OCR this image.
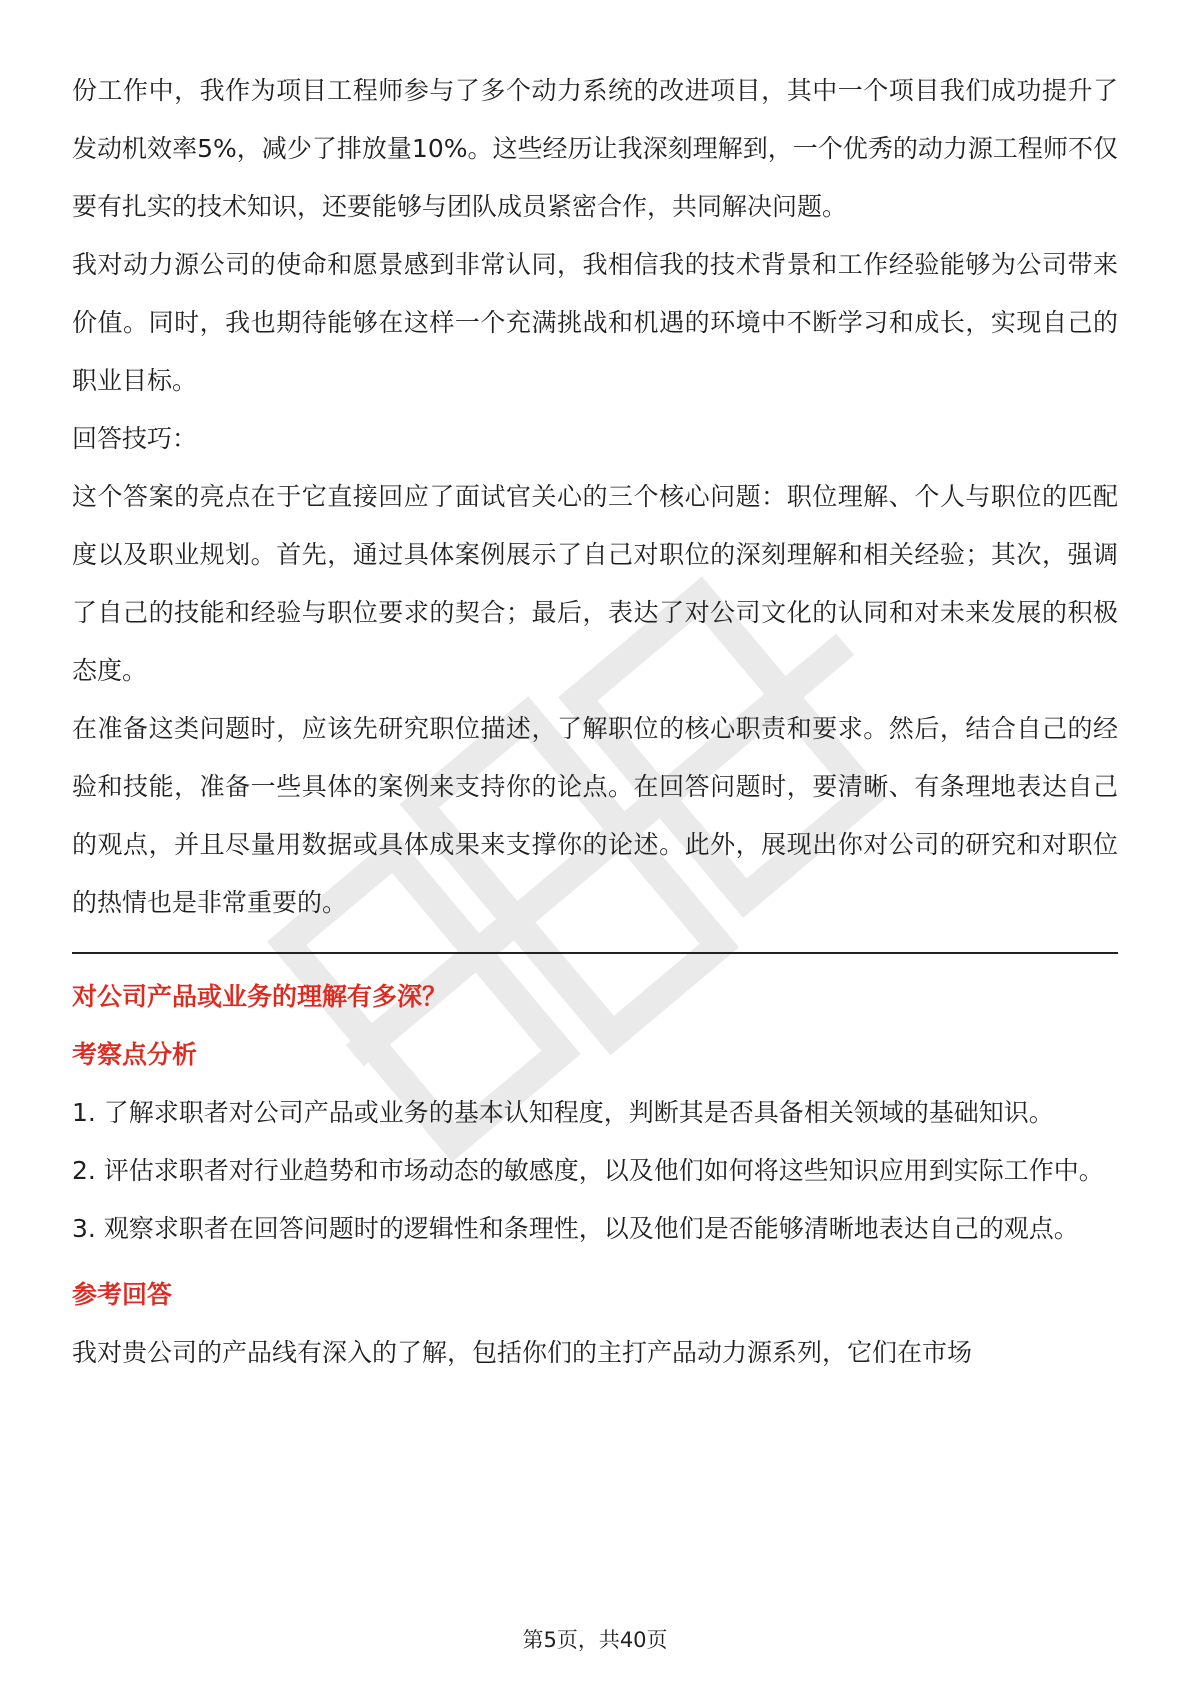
份工作中，我作为项目工程师参与了多个动力系统的改进项目，其中一个项目我们成功提升了发动机效率5%，减少了排放量10%。这些经历让我深刻理解到，一个优秀的动力源工程师不仅要有扎实的技术知识，还要能够与团队成员紧密合作，共同解决问题。

我对动力源公司的使命和愿景感到非常认同，我相信我的技术背景和工作经验能够为公司带来价值。同时，我也期待能够在这样一个充满挑战和机遇的环境中不断学习和成长，实现自己的职业目标。

回答技巧：

这个答案的亮点在于它直接回应了面试官关心的三个核心问题：职位理解、个人与职位的匹配度以及职业规划。首先，通过具体案例展示了自己对职位的深刻理解和相关经验；其次，强调了自己的技能和经验与职位要求的契合；最后，表达了对公司文化的认同和对未来发展的积极态度。

在准备这类问题时，应该先研究职位描述，了解职位的核心职责和要求。然后，结合自己的经验和技能，准备一些具体的案例来支持你的论点。在回答问题时，要清晰、有条理地表达自己的观点，并且尽量用数据或具体成果来支撑你的论述。此外，展现出你对公司的研究和对职位的热情也是非常重要的。

对公司产品或业务的理解有多深？

考察点分析

1. 了解求职者对公司产品或业务的基本认知程度，判断其是否具备相关领域的基础知识。

2. 评估求职者对行业趋势和市场动态的敏感度，以及他们如何将这些知识应用到实际工作中。

3. 观察求职者在回答问题时的逻辑性和条理性，以及他们是否能够清晰地表达自己的观点。

参考回答

我对贵公司的产品线有深入的了解，包括你们的主打产品动力源系列，它们在市场

第5页，共40页
